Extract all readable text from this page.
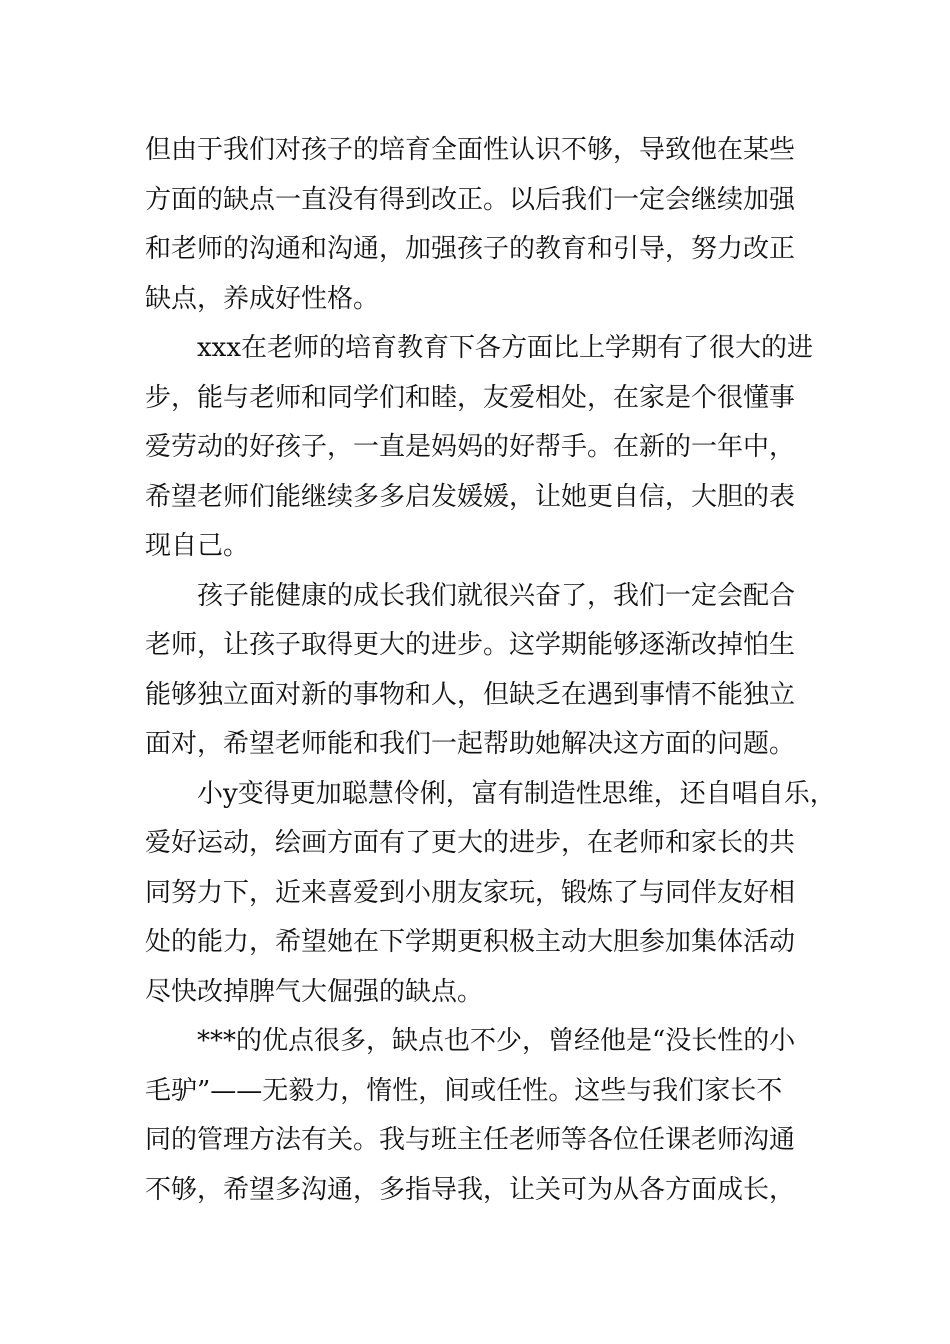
但由于我们对孩子的培育全面性认识不够，导致他在某些
方面的缺点一直没有得到改正。以后我们一定会继续加强
和老师的沟通和沟通，加强孩子的教育和引导，努力改正
缺点，养成好性格。
xxx在老师的培育教育下各方面比上学期有了很大的进
步，能与老师和同学们和睦，友爱相处，在家是个很懂事
爱劳动的好孩子，一直是妈妈的好帮手。在新的一年中，
希望老师们能继续多多启发媛媛，让她更自信，大胆的表
现自己。
孩子能健康的成长我们就很兴奋了，我们一定会配合
老师，让孩子取得更大的进步。这学期能够逐渐改掉怕生
能够独立面对新的事物和人，但缺乏在遇到事情不能独立
面对，希望老师能和我们一起帮助她解决这方面的问题。
小y变得更加聪慧伶俐，富有制造性思维，还自唱自乐，
爱好运动，绘画方面有了更大的进步，在老师和家长的共
同努力下，近来喜爱到小朋友家玩，锻炼了与同伴友好相
处的能力，希望她在下学期更积极主动大胆参加集体活动
尽快改掉脾气大倔强的缺点。
***的优点很多，缺点也不少，曾经他是“没长性的小
毛驴”——无毅力，惰性，间或任性。这些与我们家长不
同的管理方法有关。我与班主任老师等各位任课老师沟通
不够，希望多沟通，多指导我，让关可为从各方面成长，
